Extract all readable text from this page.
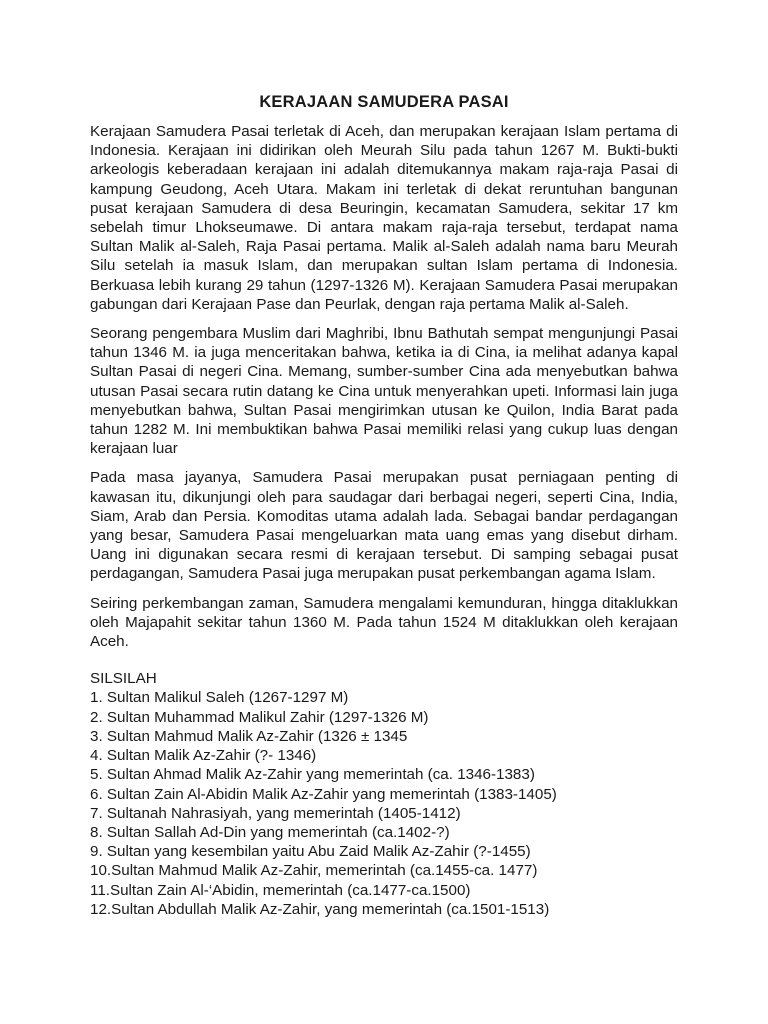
KERAJAAN SAMUDERA PASAI

Kerajaan Samudera Pasai terletak di Aceh, dan merupakan kerajaan Islam pertama di Indonesia. Kerajaan ini didirikan oleh Meurah Silu pada tahun 1267 M. Bukti-bukti arkeologis keberadaan kerajaan ini adalah ditemukannya makam raja-raja Pasai di kampung Geudong, Aceh Utara. Makam ini terletak di dekat reruntuhan bangunan pusat kerajaan Samudera di desa Beuringin, kecamatan Samudera, sekitar 17 km sebelah timur Lhokseumawe. Di antara makam raja-raja tersebut, terdapat nama Sultan Malik al-Saleh, Raja Pasai pertama. Malik al-Saleh adalah nama baru Meurah Silu setelah ia masuk Islam, dan merupakan sultan Islam pertama di Indonesia. Berkuasa lebih kurang 29 tahun (1297-1326 M). Kerajaan Samudera Pasai merupakan gabungan dari Kerajaan Pase dan Peurlak, dengan raja pertama Malik al-Saleh.

Seorang pengembara Muslim dari Maghribi, Ibnu Bathutah sempat mengunjungi Pasai tahun 1346 M. ia juga menceritakan bahwa, ketika ia di Cina, ia melihat adanya kapal Sultan Pasai di negeri Cina. Memang, sumber-sumber Cina ada menyebutkan bahwa utusan Pasai secara rutin datang ke Cina untuk menyerahkan upeti. Informasi lain juga menyebutkan bahwa, Sultan Pasai mengirimkan utusan ke Quilon, India Barat pada tahun 1282 M. Ini membuktikan bahwa Pasai memiliki relasi yang cukup luas dengan kerajaan luar

Pada masa jayanya, Samudera Pasai merupakan pusat perniagaan penting di kawasan itu, dikunjungi oleh para saudagar dari berbagai negeri, seperti Cina, India, Siam, Arab dan Persia. Komoditas utama adalah lada. Sebagai bandar perdagangan yang besar, Samudera Pasai mengeluarkan mata uang emas yang disebut dirham. Uang ini digunakan secara resmi di kerajaan tersebut. Di samping sebagai pusat perdagangan, Samudera Pasai juga merupakan pusat perkembangan agama Islam.

Seiring perkembangan zaman, Samudera mengalami kemunduran, hingga ditaklukkan oleh Majapahit sekitar tahun 1360 M. Pada tahun 1524 M ditaklukkan oleh kerajaan Aceh.

SILSILAH

1. Sultan Malikul Saleh (1267-1297 M)
2. Sultan Muhammad Malikul Zahir (1297-1326 M)
3. Sultan Mahmud Malik Az-Zahir (1326 ± 1345
4. Sultan Malik Az-Zahir (?- 1346)
5. Sultan Ahmad Malik Az-Zahir yang memerintah (ca. 1346-1383)
6. Sultan Zain Al-Abidin Malik Az-Zahir yang memerintah (1383-1405)
7. Sultanah Nahrasiyah, yang memerintah (1405-1412)
8. Sultan Sallah Ad-Din yang memerintah (ca.1402-?)
9. Sultan yang kesembilan yaitu Abu Zaid Malik Az-Zahir (?-1455)
10.Sultan Mahmud Malik Az-Zahir, memerintah (ca.1455-ca. 1477)
11.Sultan Zain Al-‘Abidin, memerintah (ca.1477-ca.1500)
12.Sultan Abdullah Malik Az-Zahir, yang memerintah (ca.1501-1513)
